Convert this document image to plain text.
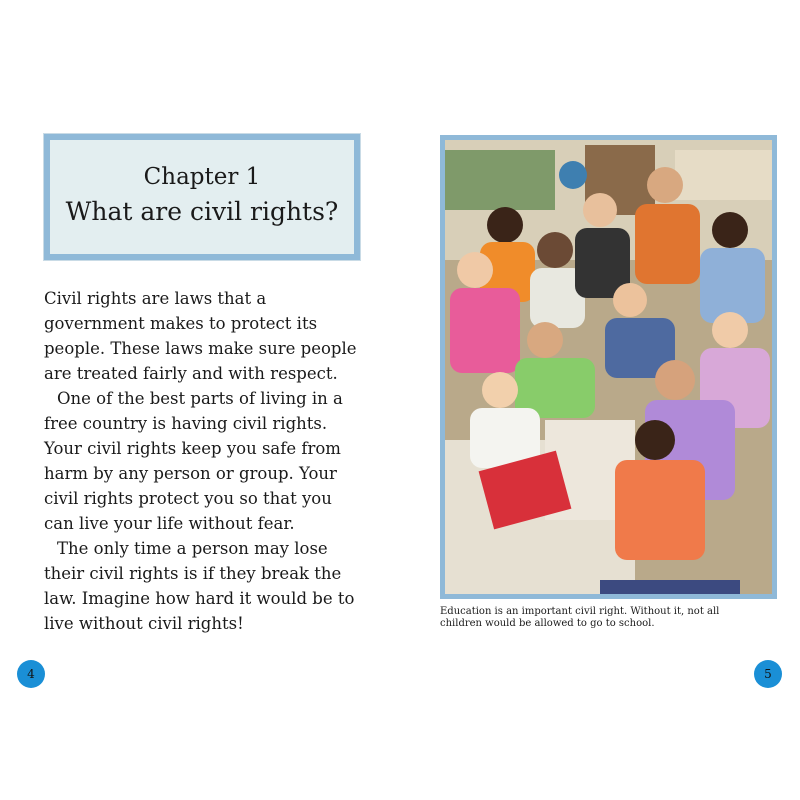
Chapter 1
What are civil rights?

Civil rights are laws that a government makes to protect its people. These laws make sure people are treated fairly and with respect.

One of the best parts of living in a free country is having civil rights. Your civil rights keep you safe from harm by any person or group. Your civil rights protect you so that you can live your life without fear.

The only time a person may lose their civil rights is if they break the law. Imagine how hard it would be to live without civil rights!

4
Education is an important civil right. Without it, not all children would be allowed to go to school.
5
